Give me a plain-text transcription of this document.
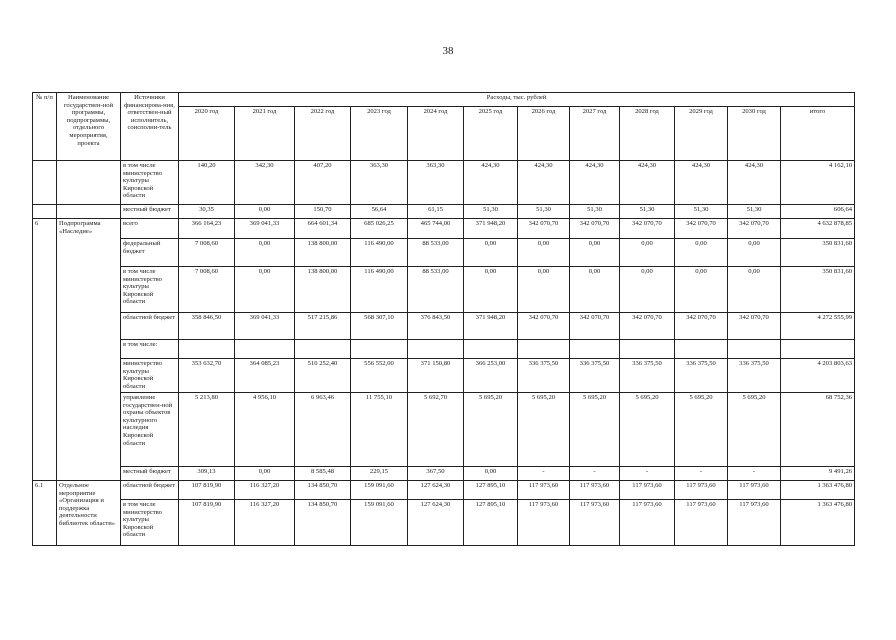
38
№ п/п	Наименование государствен-ной программы, подпрограммы, отдельного мероприятия, проекта	Источники финансирова-ния, ответствен-ный исполнитель, соисполни-тель	Расходы, тыс. рублей											
			2020 год	2021 год	2022 год	2023 год	2024 год	2025 год	2026 год	2027 год	2028 год	2029 год	2030 год	итого
		в том числе министерство культуры Кировской области	140,20	342,30	407,20	363,30	363,30	424,30	424,30	424,30	424,30	424,30	424,30	4 162,10
		местный бюджет	30,35	0,00	150,70	56,64	61,15	51,30	51,30	51,30	51,30	51,30	51,30	606,64
6	Подпрограмма «Наследие»	всего	366 164,23	369 041,33	664 601,34	685 026,25	465 744,00	371 948,20	342 070,70	342 070,70	342 070,70	342 070,70	342 070,70	4 632 878,85
		федеральный бюджет	7 008,60	0,00	138 800,00	116 490,00	88 533,00	0,00	0,00	0,00	0,00	0,00	0,00	350 831,60
		в том числе министерство культуры Кировской области	7 008,60	0,00	138 800,00	116 490,00	88 533,00	0,00	0,00	0,00	0,00	0,00	0,00	350 831,60
		областной бюджет	358 846,50	369 041,33	517 215,86	568 307,10	376 843,50	371 948,20	342 070,70	342 070,70	342 070,70	342 070,70	342 070,70	4 272 555,99
		в том числе:												
		министерство культуры Кировской области	353 632,70	364 085,23	510 252,40	556 552,00	371 150,80	366 253,00	336 375,50	336 375,50	336 375,50	336 375,50	336 375,50	4 203 803,63
		управление государствен-ной охраны объектов культурного наследия Кировской области	5 213,80	4 956,10	6 963,46	11 755,10	5 692,70	5 695,20	5 695,20	5 695,20	5 695,20	5 695,20	5 695,20	68 752,36
		местный бюджет	309,13	0,00	8 585,48	229,15	367,50	0,00	-	-	-	-	-	9 491,26
6.1	Отдельное мероприятие «Организация и поддержка деятельности библиотек области»	областной бюджет	107 819,90	116 327,20	134 850,70	159 091,60	127 624,30	127 895,10	117 973,60	117 973,60	117 973,60	117 973,60	117 973,60	1 363 476,80
		в том числе министерство культуры Кировской области	107 819,90	116 327,20	134 850,70	159 091,60	127 624,30	127 895,10	117 973,60	117 973,60	117 973,60	117 973,60	117 973,60	1 363 476,80
